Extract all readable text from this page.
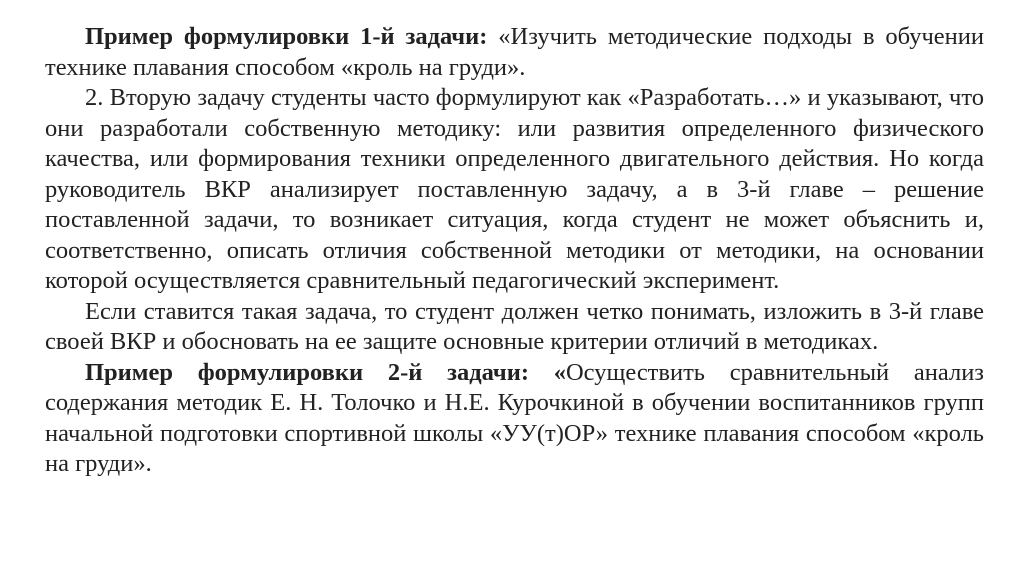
Пример формулировки 1-й задачи: «Изучить методические подходы в обучении технике плавания способом «кроль на груди».

2. Вторую задачу студенты часто формулируют как «Разработать…» и указывают, что они разработали собственную методику: или развития определенного физического качества, или формирования техники определенного двигательного действия. Но когда руководитель ВКР анализирует поставленную задачу, а в 3-й главе – решение поставленной задачи, то возникает ситуация, когда студент не может объяснить и, соответственно, описать отличия собственной методики от методики, на основании которой осуществляется сравнительный педагогический эксперимент.

Если ставится такая задача, то студент должен четко понимать, изложить в 3-й главе своей ВКР и обосновать на ее защите основные критерии отличий в методиках.

Пример формулировки 2-й задачи: «Осуществить сравнительный анализ содержания методик Е. Н. Толочко и Н.Е. Курочкиной в обучении воспитанников групп начальной подготовки спортивной школы «УУ(т)ОР» технике плавания способом «кроль на груди».
